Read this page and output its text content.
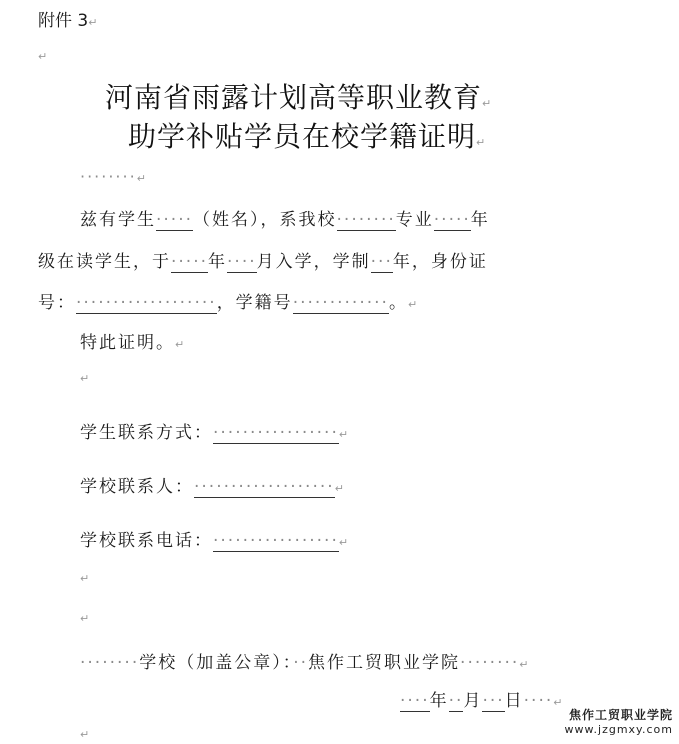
附件 3↵
↵
河南省雨露计划高等职业教育↵
助学补贴学员在校学籍证明↵
········↵
兹有学生·····（姓名），系我校········专业·····年
级在读学生，于·····年····月入学，学制···年，身份证
号：···················，学籍号·············。↵
特此证明。↵
↵
学生联系方式：·················↵
学校联系人：···················↵
学校联系电话：·················↵
↵
↵
········学校（加盖公章）：··焦作工贸职业学院········↵
····年··月···日····↵
↵
焦作工贸职业学院
www.jzgmxy.com
